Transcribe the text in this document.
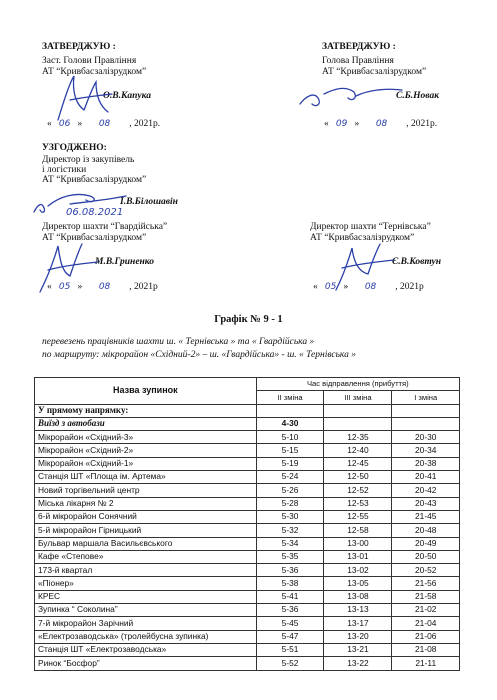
ЗАТВЕРДЖУЮ :
Заст. Голови Правління
АТ “Кривбасзалізрудком”
О.В.Капука
« 06 » 08 , 2021р.
ЗАТВЕРДЖУЮ :
Голова Правління
АТ “Кривбасзалізрудком”
С.Б.Новак
« 09 » 08 , 2021р.
УЗГОДЖЕНО:
Директор із закупівель
і логістики
АТ “Кривбасзалізрудком”
І.В.Білошавін
06.08.2021
Директор шахти “Гвардійська”
АТ “Кривбасзалізрудком”
М.В.Гриненко
« 05 » 08 , 2021р
Директор шахти “Тернівська”
АТ “Кривбасзалізрудком”
Є.В.Ковтун
« 05 » 08 , 2021р
Графік № 9 - 1
перевезень працівників шахти ш. « Тернівська » та « Гвардійська »
по маршруту: мікрорайон «Східний-2» – ш. «Гвардійська» - ш. « Тернівська »
Назва зупинок	Час відправлення (прибуття)		
	ІІ зміна	ІІІ зміна	І зміна
У прямому напрямку:			
Виїзд з автобази	4-30		
Мікрорайон «Східний-3»	5-10	12-35	20-30
Мікрорайон «Східний-2»	5-15	12-40	20-34
Мікрорайон «Східний-1»	5-19	12-45	20-38
Станція ШТ «Площа ім. Артема»	5-24	12-50	20-41
Новий торгівельний центр	5-26	12-52	20-42
Міська лікарня № 2	5-28	12-53	20-43
6-й мікрорайон Сонячний	5-30	12-55	21-45
5-й мікрорайон Гірницький	5-32	12-58	20-48
Бульвар маршала Васильєвського	5-34	13-00	20-49
Кафе «Степове»	5-35	13-01	20-50
173-й квартал	5-36	13-02	20-52
«Піонер»	5-38	13-05	21-56
КРЕС	5-41	13-08	21-58
Зупинка “ Соколина”	5-36	13-13	21-02
7-й мікрорайон Зарічний	5-45	13-17	21-04
«Електрозаводська» (тролейбусна зупинка)	5-47	13-20	21-06
Станція ШТ «Електрозаводська»	5-51	13-21	21-08
Ринок “Босфор”	5-52	13-22	21-11
